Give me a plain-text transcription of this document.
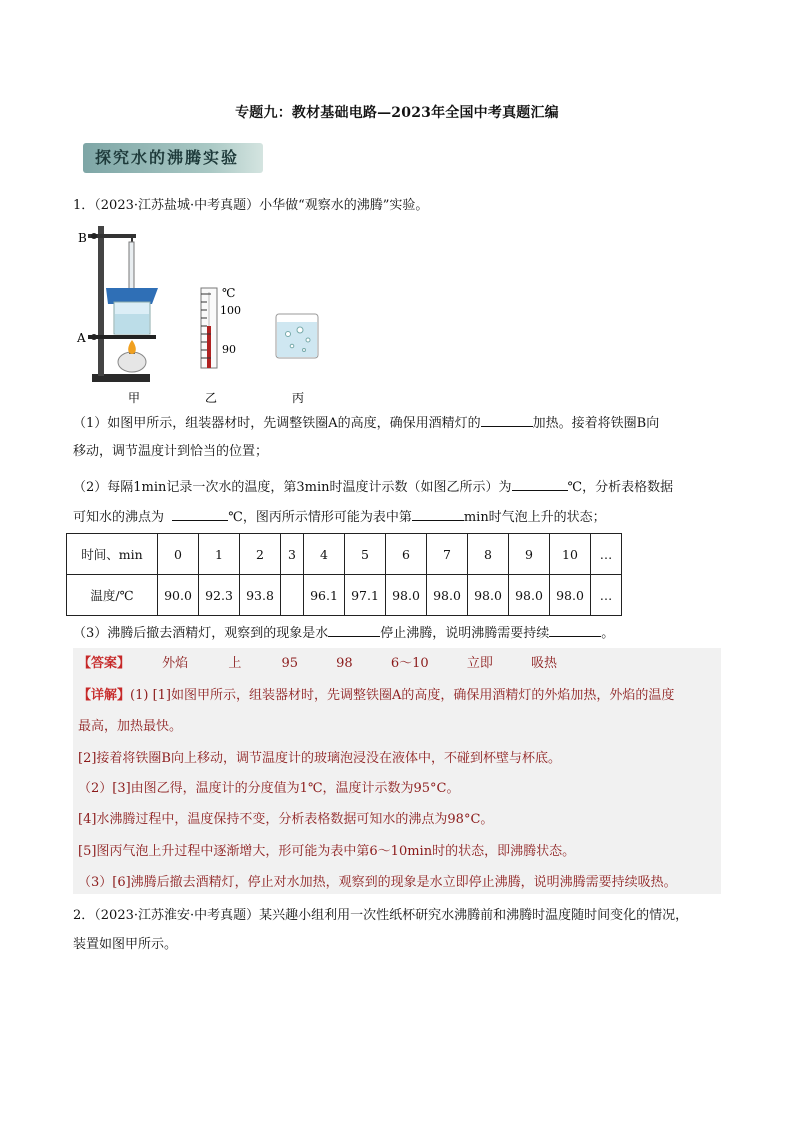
专题九：教材基础电路—2023年全国中考真题汇编
探究水的沸腾实验
1．（2023·江苏盐城·中考真题）小华做“观察水的沸腾”实验。
B
A
甲
℃
100
90
乙	丙
（1）如图甲所示，组装器材时，先调整铁圈A的高度，确保用酒精灯的	加热。接着将铁圈B向
移动，调节温度计到恰当的位置；
（2）每隔1min记录一次水的温度，第3min时温度计示数（如图乙所示）为	℃，分析表格数据
可知水的沸点为	℃，图丙所示情形可能为表中第	min时气泡上升的状态；
时间、min	0	1	2	3	4	5	6	7	8	9	10	…
温度/℃	90.0	92.3	93.8		96.1	97.1	98.0	98.0	98.0	98.0	98.0	…
（3）沸腾后撤去酒精灯，观察到的现象是水	停止沸腾，说明沸腾需要持续	。
【答案】 外焰	上	95	98	6～10	立即	吸热
【详解】(1) [1]如图甲所示，组装器材时，先调整铁圈A的高度，确保用酒精灯的外焰加热，外焰的温度
最高，加热最快。
[2]接着将铁圈B向上移动，调节温度计的玻璃泡浸没在液体中，不碰到杯壁与杯底。
（2）[3]由图乙得，温度计的分度值为1℃，温度计示数为95°C。
[4]水沸腾过程中，温度保持不变，分析表格数据可知水的沸点为98°C。
[5]图丙气泡上升过程中逐渐增大，形可能为表中第6～10min时的状态，即沸腾状态。
（3）[6]沸腾后撤去酒精灯，停止对水加热，观察到的现象是水立即停止沸腾，说明沸腾需要持续吸热。
2．（2023·江苏淮安·中考真题）某兴趣小组利用一次性纸杯研究水沸腾前和沸腾时温度随时间变化的情况，
装置如图甲所示。
